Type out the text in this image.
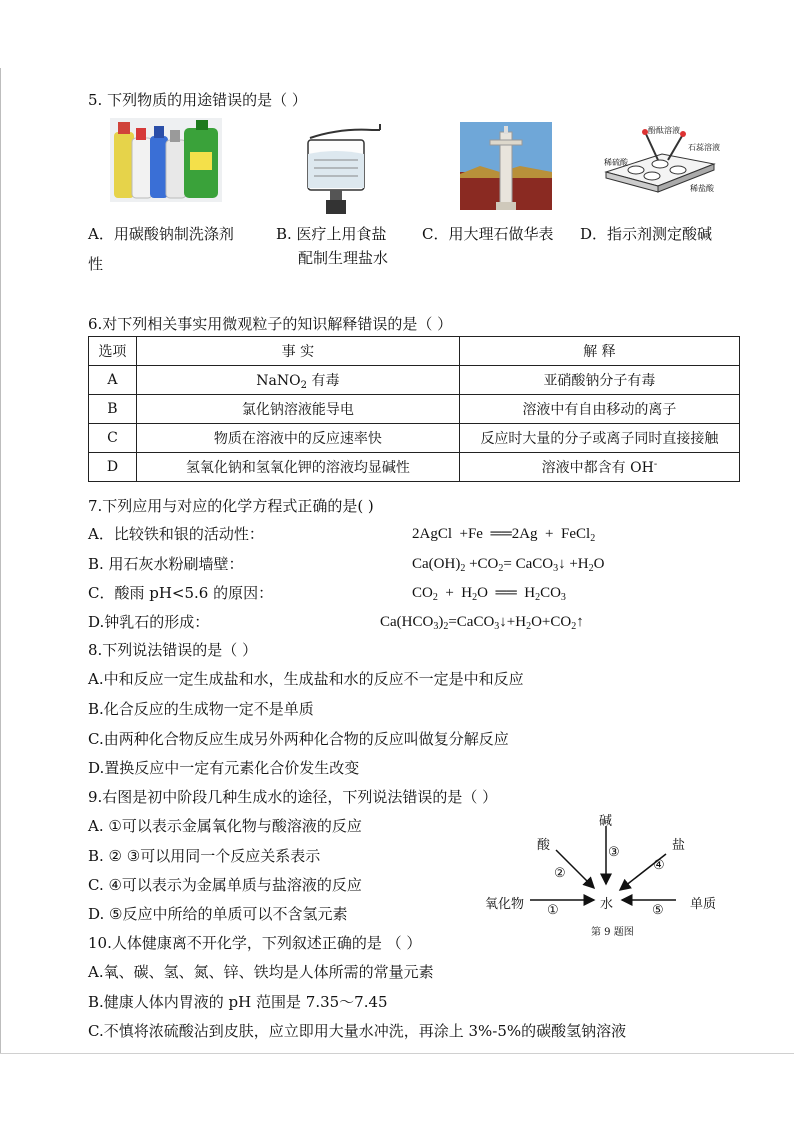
5. 下列物质的用途错误的是（ ）
酚酞溶液
石蕊溶液
稀硫酸
稀盐酸
A．用碳酸钠制洗涤剂
性
B. 医疗上用食盐
配制生理盐水
C．用大理石做华表 D．指示剂测定酸碱
6.对下列相关事实用微观粒子的知识解释错误的是（ ）
选项	事 实	解 释
A	NaNO$_2$ 有毒	亚硝酸钠分子有毒
B	氯化钠溶液能导电	溶液中有自由移动的离子
C	物质在溶液中的反应速率快	反应时大量的分子或离子同时直接接触
D	氢氧化钠和氢氧化钾的溶液均显碱性	溶液中都含有 OH-
7.下列应用与对应的化学方程式正确的是( )
A．比较铁和银的活动性：	2AgCl  +Fe  ══2Ag  +  FeCl$_2$
B. 用石灰水粉刷墙壁：	$Ca(OH)_2 +CO_2=$ CaCO$_3$↓ $+H_2O$
C．酸雨 pH<5.6 的原因：	$CO_2 + H_2O$  ══  $H_2CO_3$
D.钟乳石的形成：	$Ca(HCO_3)_2=CaCO_3↓+H_2O+CO_2↑$
8.下列说法错误的是（ ）
A.中和反应一定生成盐和水，生成盐和水的反应不一定是中和反应
B.化合反应的生成物一定不是单质
C.由两种化合物反应生成另外两种化合物的反应叫做复分解反应
D.置换反应中一定有元素化合价发生改变
9.右图是初中阶段几种生成水的途径，下列说法错误的是（ ）
A. ①可以表示金属氧化物与酸溶液的反应
B. ② ③可以用同一个反应关系表示
C. ④可以表示为金属单质与盐溶液的反应
D. ⑤反应中所给的单质可以不含氢元素
碱
酸	盐
③
②
④
氧化物	水	单质
①	⑤
第 9 题图
10.人体健康离不开化学，下列叙述正确的是 （ ）
A.氧、碳、氢、氮、锌、铁均是人体所需的常量元素
B.健康人体内胃液的 pH 范围是 7.35～7.45
C.不慎将浓硫酸沾到皮肤，应立即用大量水冲洗，再涂上 3%-5%的碳酸氢钠溶液
